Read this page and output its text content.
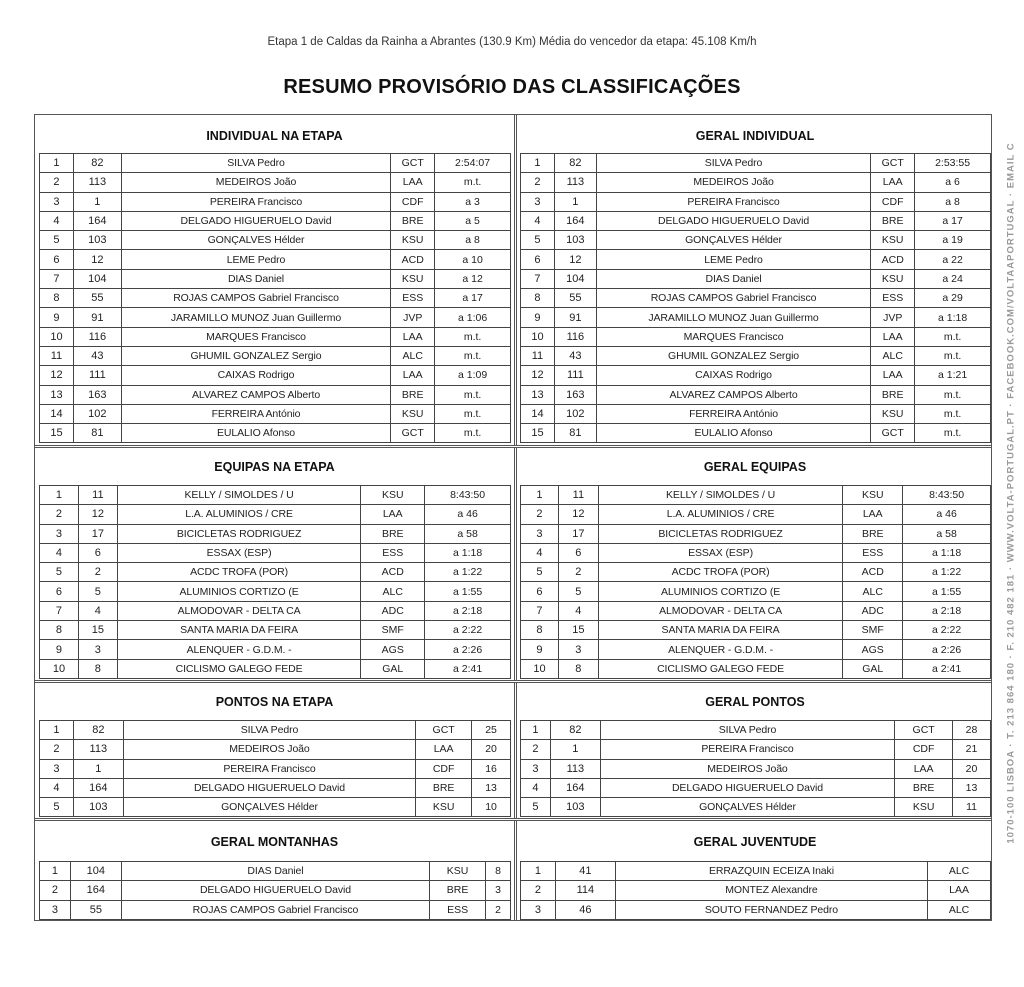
Etapa 1 de Caldas da Rainha a Abrantes (130.9 Km) Média do vencedor da etapa: 45.108 Km/h
RESUMO PROVISÓRIO DAS CLASSIFICAÇÕES
1070-100 LISBOA · T. 213 864 180 · F. 210 482 181 · WWW.VOLTA-PORTUGAL.PT · FACEBOOK.COM/VOLTAAPORTUGAL · EMAIL C
INDIVIDUAL NA ETAPA
1	82	SILVA Pedro	GCT	2:54:07
2	113	MEDEIROS João	LAA	m.t.
3	1	PEREIRA Francisco	CDF	a 3
4	164	DELGADO HIGUERUELO David	BRE	a 5
5	103	GONÇALVES Hélder	KSU	a 8
6	12	LEME Pedro	ACD	a 10
7	104	DIAS Daniel	KSU	a 12
8	55	ROJAS CAMPOS Gabriel Francisco	ESS	a 17
9	91	JARAMILLO MUNOZ Juan Guillermo	JVP	a 1:06
10	116	MARQUES Francisco	LAA	m.t.
11	43	GHUMIL GONZALEZ Sergio	ALC	m.t.
12	111	CAIXAS Rodrigo	LAA	a 1:09
13	163	ALVAREZ CAMPOS Alberto	BRE	m.t.
14	102	FERREIRA António	KSU	m.t.
15	81	EULALIO Afonso	GCT	m.t.
GERAL INDIVIDUAL
1	82	SILVA Pedro	GCT	2:53:55
2	113	MEDEIROS João	LAA	a 6
3	1	PEREIRA Francisco	CDF	a 8
4	164	DELGADO HIGUERUELO David	BRE	a 17
5	103	GONÇALVES Hélder	KSU	a 19
6	12	LEME Pedro	ACD	a 22
7	104	DIAS Daniel	KSU	a 24
8	55	ROJAS CAMPOS Gabriel Francisco	ESS	a 29
9	91	JARAMILLO MUNOZ Juan Guillermo	JVP	a 1:18
10	116	MARQUES Francisco	LAA	m.t.
11	43	GHUMIL GONZALEZ Sergio	ALC	m.t.
12	111	CAIXAS Rodrigo	LAA	a 1:21
13	163	ALVAREZ CAMPOS Alberto	BRE	m.t.
14	102	FERREIRA António	KSU	m.t.
15	81	EULALIO Afonso	GCT	m.t.
EQUIPAS NA ETAPA
1	11	KELLY / SIMOLDES / U	KSU	8:43:50
2	12	L.A. ALUMINIOS / CRE	LAA	a 46
3	17	BICICLETAS RODRIGUEZ	BRE	a 58
4	6	ESSAX (ESP)	ESS	a 1:18
5	2	ACDC TROFA (POR)	ACD	a 1:22
6	5	ALUMINIOS CORTIZO (E	ALC	a 1:55
7	4	ALMODOVAR - DELTA CA	ADC	a 2:18
8	15	SANTA MARIA DA FEIRA	SMF	a 2:22
9	3	ALENQUER - G.D.M. -	AGS	a 2:26
10	8	CICLISMO GALEGO FEDE	GAL	a 2:41
GERAL EQUIPAS
1	11	KELLY / SIMOLDES / U	KSU	8:43:50
2	12	L.A. ALUMINIOS / CRE	LAA	a 46
3	17	BICICLETAS RODRIGUEZ	BRE	a 58
4	6	ESSAX (ESP)	ESS	a 1:18
5	2	ACDC TROFA (POR)	ACD	a 1:22
6	5	ALUMINIOS CORTIZO (E	ALC	a 1:55
7	4	ALMODOVAR - DELTA CA	ADC	a 2:18
8	15	SANTA MARIA DA FEIRA	SMF	a 2:22
9	3	ALENQUER - G.D.M. -	AGS	a 2:26
10	8	CICLISMO GALEGO FEDE	GAL	a 2:41
PONTOS NA ETAPA
1	82	SILVA Pedro	GCT	25
2	113	MEDEIROS João	LAA	20
3	1	PEREIRA Francisco	CDF	16
4	164	DELGADO HIGUERUELO David	BRE	13
5	103	GONÇALVES Hélder	KSU	10
GERAL PONTOS
1	82	SILVA Pedro	GCT	28
2	1	PEREIRA Francisco	CDF	21
3	113	MEDEIROS João	LAA	20
4	164	DELGADO HIGUERUELO David	BRE	13
5	103	GONÇALVES Hélder	KSU	11
GERAL MONTANHAS
1	104	DIAS Daniel	KSU	8
2	164	DELGADO HIGUERUELO David	BRE	3
3	55	ROJAS CAMPOS Gabriel Francisco	ESS	2
GERAL JUVENTUDE
1	41	ERRAZQUIN ECEIZA Inaki	ALC
2	114	MONTEZ Alexandre	LAA
3	46	SOUTO FERNANDEZ Pedro	ALC
